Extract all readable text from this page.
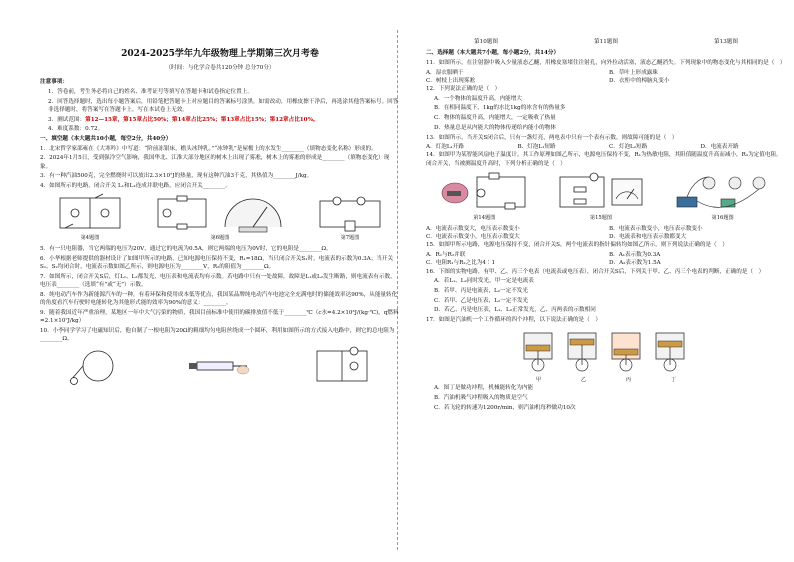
2024-2025学年九年级物理上学期第三次月考卷
（时间：与化学合卷共120分钟 总分70分）
注意事项：
1．答卷前，考生务必将自己的姓名、准考证号等填写在答题卡和试卷指定位置上。
2．回答选择题时，选出每小题答案后，用铅笔把答题卡上对应题目的答案标号涂黑。如需改动，用橡皮擦干净后，再选涂其他答案标号。回答非选择题时，将答案写在答题卡上。写在本试卷上无效。
3．测试范围：第12—15章，第15章占比50%；第14章占比25%；第13章占比15%；第12章占比10%。
4．难度系数：0.72。
一、填空题（本大题共10小题，每空2分，共40分）
1．北宋哲学家邵雍在《大寒吟》中写道：“阶前冻银床，檐头冰钟乳。”“冰钟乳”是屋檐上的水发生________（填物态变化名称）形成的。
2．2024年1月5日，受到强冷空气影响，我国华北、江淮大部分地区的树木上出现了雾凇，树木上的雾凇的形成是________（填物态变化）现象。
3．有一种汽油500克，完全燃烧时可以放出2.3×10⁷J的热量，现有这种汽油3千克，其热值为________J/kg。
4．如图所示的电路，闭合开关 L₁和L₂连成并联电路，应闭合开关________。
第4题图	第6题图	第7题图
5．有一只电阻器，当它两端的电压为20V，通过它的电流为0.5A，则它两端的电压为0V时，它的电阻是________Ω。
6．小华根据老师提供的器材设计了如图甲所示的电路，已知电源电压保持不变，R₁=18Ω，当只闭合开关S₁时，电流表的示数为0.3A；当开关S₁、S₂均闭合时，电流表示数如图乙所示，则电源电压为________V，R₂的阻值为________Ω。
7．如图所示，闭合开关S后，灯L₁、L₂都发光，电压表和电流表均有示数。若电路中只有一处故障，故障是L₁或L₂发生断路，则电流表有示数，电压表________（选填“有”或“无”）示数。
8．纯电动汽车作为新能源汽车的一种，有着环保和使用成本低等优点，我国某品牌纯电动汽车电池完全充满电时的储能效率达90%，从能量转化的角度看汽车行驶时电能转化为其他形式能的效率为90%的意义：________。
9．随着我国近年严重治理，某地区一年中大气污染的物质，我国目前标准中使用的碳排放值不低于________℃（c水=4.2×10³J/(kg·℃)，q燃料=2.1×10⁷J/kg）
10．小李同学学习了电磁知识后，他自制了一根电阻为20Ω的粗细均匀电阻丝绕成一个圆环，利用如图所示的方式接入电路中，则它的总电阻为________Ω。
第10题图	第11题图	第13题图
二、选择题（本大题共7小题，每小题2分，共14分）
11．如图所示，在注射器中吸入少量液态乙醚，用橡皮塞堵住注射孔，向外拉动活塞，液态乙醚消失。下列现象中的物态变化与其相同的是（　）
A．湿衣服晒干	B．草叶上形成露珠
C．树枝上出现雾凇	D．衣柜中的樟脑丸变小
12．下列说法正确的是（　）
A．一个物体的温度升高，内能增大
B．在相同温度下，1kg的水比1kg的冰含有的热量多
C．物体的温度升高，内能增大，一定吸收了热量
D．热量总是从内能大的物体传递给内能小的物体
13．如图所示，当开关S闭合后，只有一盏灯亮，两电表中只有一个表有示数，则故障可能的是（　）
A．灯泡L₁开路	B．灯泡L₁短路	C．灯泡L₂短路	D．电流表开路
14．如图甲为某智能风扇电子温度计，其工作原理如图乙所示，电源电压保持不变，R₁为热敏电阻，其阻值随温度升高而减小，R₂为定值电阻。闭合开关，当被测温度升高时，下列分析正确的是（　）
第14题图	第15题图	第16题图
A．电流表示数变大，电压表示数变小	B．电流表示数变小，电压表示数变小
C．电流表示数变小，电压表示数变大	D．电流表和电压表示数都变大
15．如图甲所示电路，电源电压保持不变，闭合开关S，两个电流表的指针偏转均如图乙所示，则下列说法正确的是（　）
A．R₁与R₂并联	B．A₁表示数为0.3A
C．电阻R₁与R₂之比为4∶1	D．A₂表示数为1.5A
16．下图的实物电路，有甲、乙、丙三个电表（电流表或电压表），闭合开关S后，下列关于甲、乙、丙三个电表的判断，正确的是（　）
A．若L₁、L₂同时发光，甲一定是电流表
B．若甲、丙是电流表，L₂一定不发光
C．若甲、乙是电压表，L₂一定不发光
D．若乙、丙是电压表，L₁、L₂正常发光，乙、丙两表的示数相同
17．如图是汽油机一个工作循环的四个冲程，以下说法正确的是（　）
甲	乙	丙	丁
A．图丁是做功冲程，机械能转化为内能
B．汽油机吸气冲程吸入的物质是空气
C．若飞轮的转速为1200r/min，则汽油机每秒做功10次
